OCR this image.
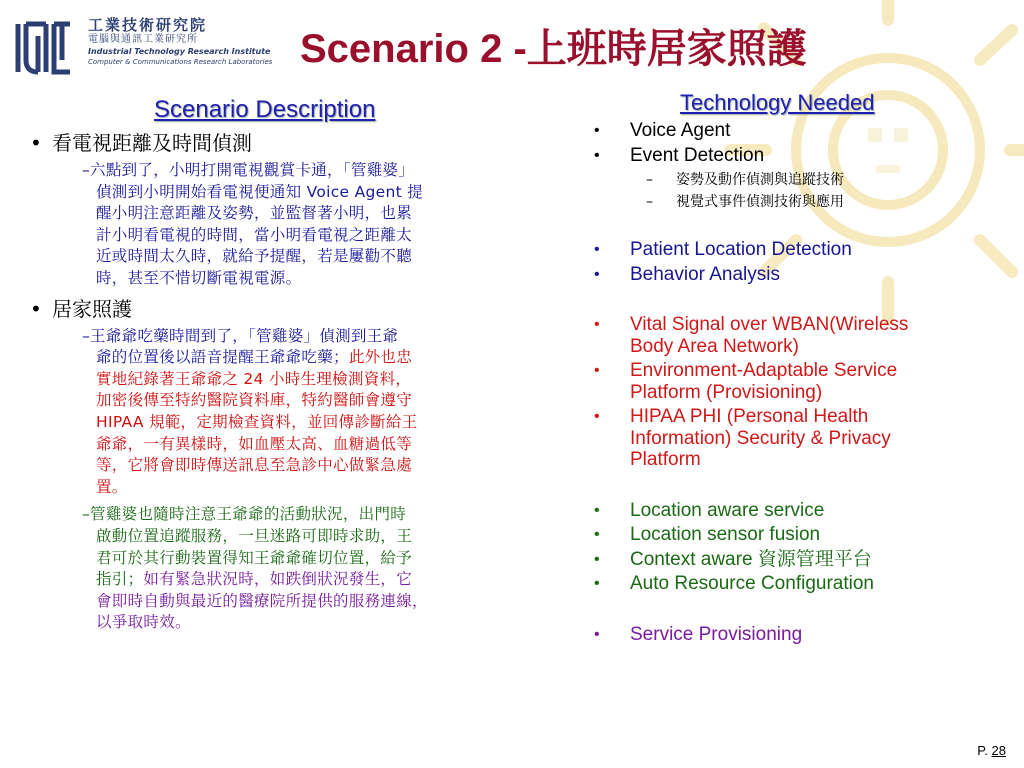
工業技術研究院
電腦與通訊工業研究所
Industrial Technology Research Institute
Computer & Communications Research Laboratories Scenario 2 -上班時居家照護
Scenario Description	Technology Needed
• 看電視距離及時間偵測
–六點到了，小明打開電視觀賞卡通，「管雞婆」
偵測到小明開始看電視便通知 Voice Agent 提
醒小明注意距離及姿勢，並監督著小明，也累
計小明看電視的時間，當小明看電視之距離太
近或時間太久時，就給予提醒，若是屢勸不聽
時，甚至不惜切斷電視電源。
• 居家照護
–王爺爺吃藥時間到了，「管雞婆」偵測到王爺
爺的位置後以語音提醒王爺爺吃藥；此外也忠
實地紀錄著王爺爺之 24 小時生理檢測資料，
加密後傳至特約醫院資料庫，特約醫師會遵守
HIPAA 規範，定期檢查資料，並回傳診斷給王
爺爺，一有異樣時，如血壓太高、血糖過低等
等，它將會即時傳送訊息至急診中心做緊急處
置。
–管雞婆也隨時注意王爺爺的活動狀況，出門時
啟動位置追蹤服務，一旦迷路可即時求助，王
君可於其行動裝置得知王爺爺確切位置，給予
指引；如有緊急狀況時，如跌倒狀況發生，它
會即時自動與最近的醫療院所提供的服務連線，
以爭取時效。
• Voice Agent
• Event Detection
– 姿勢及動作偵測與追蹤技術
– 視覺式事件偵測技術與應用
• Patient Location Detection
• Behavior Analysis
• Vital Signal over WBAN(Wireless
Body Area Network)
• Environment-Adaptable Service
Platform (Provisioning)
• HIPAA PHI (Personal Health
Information) Security & Privacy
Platform
• Location aware service
• Location sensor fusion
• Context aware 資源管理平台
• Auto Resource Configuration
• Service Provisioning
P. 28
